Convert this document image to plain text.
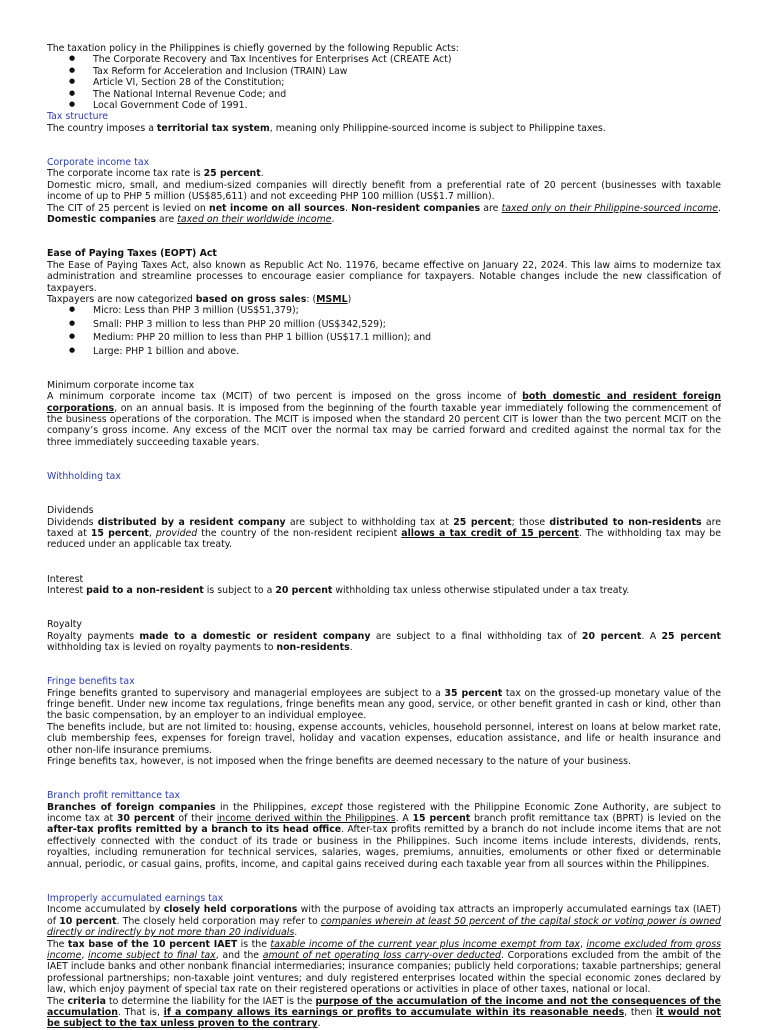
The taxation policy in the Philippines is chiefly governed by the following Republic Acts:

● The Corporate Recovery and Tax Incentives for Enterprises Act (CREATE Act)
● Tax Reform for Acceleration and Inclusion (TRAIN) Law
● Article VI, Section 28 of the Constitution;
● The National Internal Revenue Code; and
● Local Government Code of 1991.

Tax structure

The country imposes a territorial tax system, meaning only Philippine-sourced income is subject to Philippine taxes.

Corporate income tax

The corporate income tax rate is 25 percent.

Domestic micro, small, and medium-sized companies will directly benefit from a preferential rate of 20 percent (businesses with taxable income of up to PHP 5 million (US$85,611) and not exceeding PHP 100 million (US$1.7 million).

The CIT of 25 percent is levied on net income on all sources. Non-resident companies are taxed only on their Philippine-sourced income. Domestic companies are taxed on their worldwide income.

Ease of Paying Taxes (EOPT) Act

The Ease of Paying Taxes Act, also known as Republic Act No. 11976, became effective on January 22, 2024. This law aims to modernize tax administration and streamline processes to encourage easier compliance for taxpayers. Notable changes include the new classification of taxpayers.

Taxpayers are now categorized based on gross sales: (MSML)

● Micro: Less than PHP 3 million (US$51,379);
● Small: PHP 3 million to less than PHP 20 million (US$342,529);
● Medium: PHP 20 million to less than PHP 1 billion (US$17.1 million); and
● Large: PHP 1 billion and above.

Minimum corporate income tax

A minimum corporate income tax (MCIT) of two percent is imposed on the gross income of both domestic and resident foreign corporations, on an annual basis. It is imposed from the beginning of the fourth taxable year immediately following the commencement of the business operations of the corporation. The MCIT is imposed when the standard 20 percent CIT is lower than the two percent MCIT on the company’s gross income. Any excess of the MCIT over the normal tax may be carried forward and credited against the normal tax for the three immediately succeeding taxable years.

Withholding tax

Dividends

Dividends distributed by a resident company are subject to withholding tax at 25 percent; those distributed to non-residents are taxed at 15 percent, provided the country of the non-resident recipient allows a tax credit of 15 percent. The withholding tax may be reduced under an applicable tax treaty.

Interest

Interest paid to a non-resident is subject to a 20 percent withholding tax unless otherwise stipulated under a tax treaty.

Royalty

Royalty payments made to a domestic or resident company are subject to a final withholding tax of 20 percent. A 25 percent withholding tax is levied on royalty payments to non-residents.

Fringe benefits tax

Fringe benefits granted to supervisory and managerial employees are subject to a 35 percent tax on the grossed-up monetary value of the fringe benefit. Under new income tax regulations, fringe benefits mean any good, service, or other benefit granted in cash or kind, other than the basic compensation, by an employer to an individual employee.

The benefits include, but are not limited to: housing, expense accounts, vehicles, household personnel, interest on loans at below market rate, club membership fees, expenses for foreign travel, holiday and vacation expenses, education assistance, and life or health insurance and other non-life insurance premiums.

Fringe benefits tax, however, is not imposed when the fringe benefits are deemed necessary to the nature of your business.

Branch profit remittance tax

Branches of foreign companies in the Philippines, except those registered with the Philippine Economic Zone Authority, are subject to income tax at 30 percent of their income derived within the Philippines. A 15 percent branch profit remittance tax (BPRT) is levied on the after-tax profits remitted by a branch to its head office. After-tax profits remitted by a branch do not include income items that are not effectively connected with the conduct of its trade or business in the Philippines. Such income items include interests, dividends, rents, royalties, including remuneration for technical services, salaries, wages, premiums, annuities, emoluments or other fixed or determinable annual, periodic, or casual gains, profits, income, and capital gains received during each taxable year from all sources within the Philippines.

Improperly accumulated earnings tax

Income accumulated by closely held corporations with the purpose of avoiding tax attracts an improperly accumulated earnings tax (IAET) of 10 percent. The closely held corporation may refer to companies wherein at least 50 percent of the capital stock or voting power is owned directly or indirectly by not more than 20 individuals.

The tax base of the 10 percent IAET is the taxable income of the current year plus income exempt from tax, income excluded from gross income, income subject to final tax, and the amount of net operating loss carry-over deducted. Corporations excluded from the ambit of the IAET include banks and other nonbank financial intermediaries; insurance companies; publicly held corporations; taxable partnerships; general professional partnerships; non-taxable joint ventures; and duly registered enterprises located within the special economic zones declared by law, which enjoy payment of special tax rate on their registered operations or activities in place of other taxes, national or local.

The criteria to determine the liability for the IAET is the purpose of the accumulation of the income and not the consequences of the accumulation. That is, if a company allows its earnings or profits to accumulate within its reasonable needs, then it would not be subject to the tax unless proven to the contrary.
